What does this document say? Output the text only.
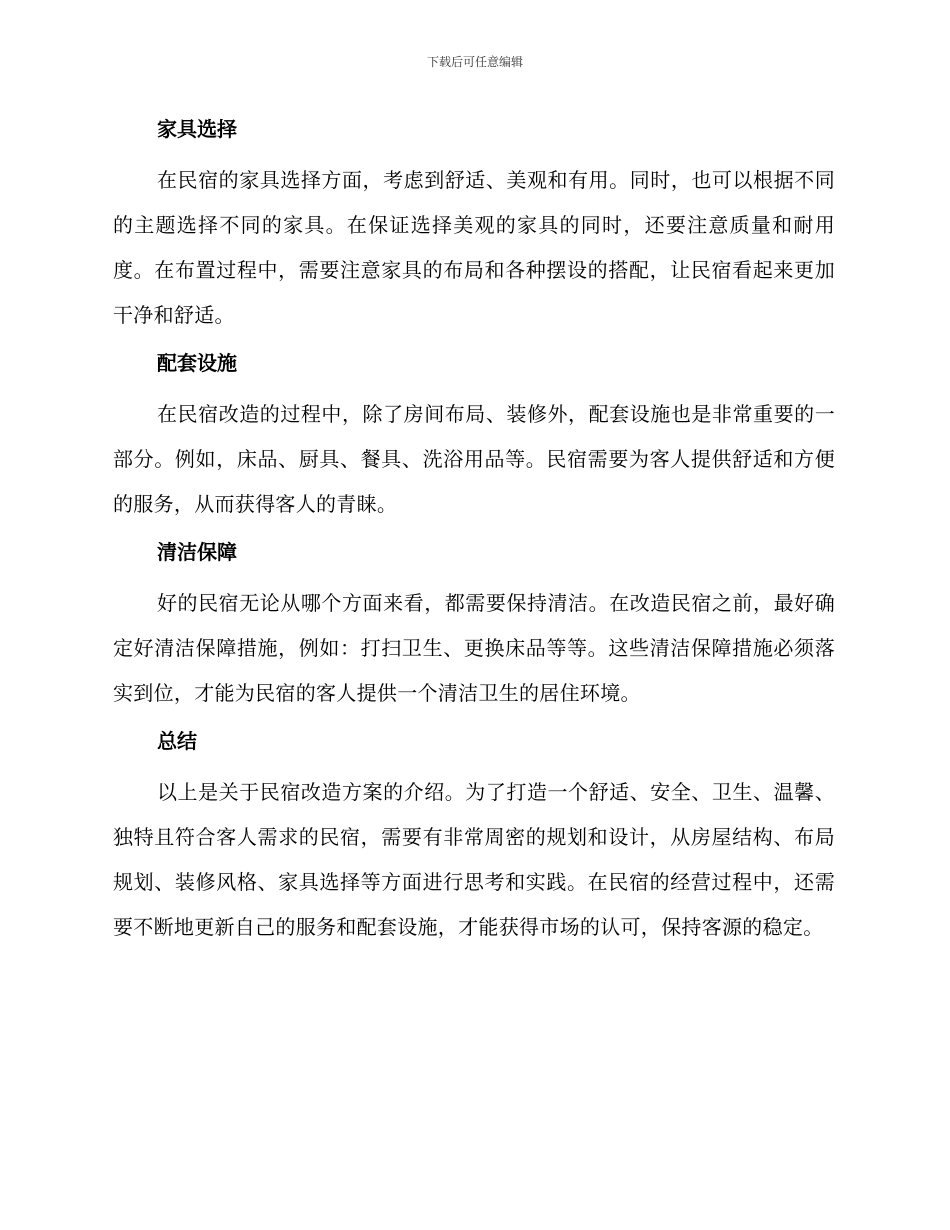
下载后可任意编辑
家具选择

在民宿的家具选择方面，考虑到舒适、美观和有用。同时，也可以根据不同的主题选择不同的家具。在保证选择美观的家具的同时，还要注意质量和耐用度。在布置过程中，需要注意家具的布局和各种摆设的搭配，让民宿看起来更加干净和舒适。

配套设施

在民宿改造的过程中，除了房间布局、装修外，配套设施也是非常重要的一部分。例如，床品、厨具、餐具、洗浴用品等。民宿需要为客人提供舒适和方便的服务，从而获得客人的青睐。

清洁保障

好的民宿无论从哪个方面来看，都需要保持清洁。在改造民宿之前，最好确定好清洁保障措施，例如：打扫卫生、更换床品等等。这些清洁保障措施必须落实到位，才能为民宿的客人提供一个清洁卫生的居住环境。

总结

以上是关于民宿改造方案的介绍。为了打造一个舒适、安全、卫生、温馨、独特且符合客人需求的民宿，需要有非常周密的规划和设计，从房屋结构、布局规划、装修风格、家具选择等方面进行思考和实践。在民宿的经营过程中，还需要不断地更新自己的服务和配套设施，才能获得市场的认可，保持客源的稳定。
